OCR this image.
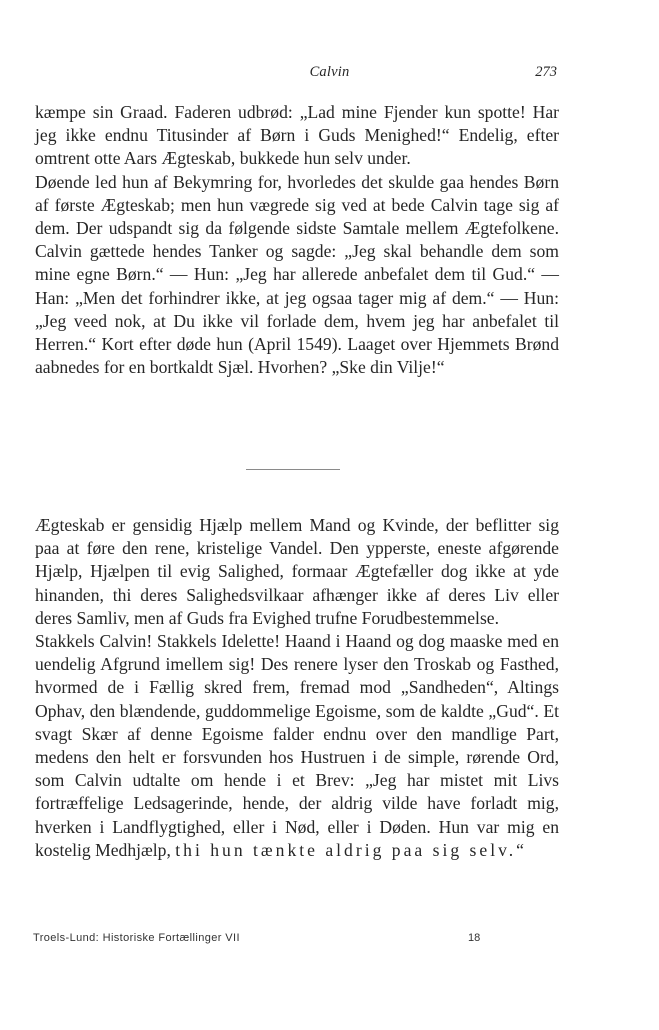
Calvin	273

kæmpe sin Graad. Faderen udbrød: „Lad mine Fjender kun spotte! Har jeg ikke endnu Titusinder af Børn i Guds Menighed!“ Endelig, efter omtrent otte Aars Ægteskab, bukkede hun selv under.

Døende led hun af Bekymring for, hvorledes det skulde gaa hendes Børn af første Ægteskab; men hun vægrede sig ved at bede Calvin tage sig af dem. Der udspandt sig da følgende sidste Samtale mellem Ægtefolkene. Calvin gættede hendes Tanker og sagde: „Jeg skal behandle dem som mine egne Børn.“ — Hun: „Jeg har allerede anbefalet dem til Gud.“ — Han: „Men det forhindrer ikke, at jeg ogsaa tager mig af dem.“ — Hun: „Jeg veed nok, at Du ikke vil forlade dem, hvem jeg har anbefalet til Herren.“ Kort efter døde hun (April 1549). Laaget over Hjemmets Brønd aabnedes for en bortkaldt Sjæl. Hvorhen? „Ske din Vilje!“

Ægteskab er gensidig Hjælp mellem Mand og Kvinde, der beflitter sig paa at føre den rene, kristelige Vandel. Den ypperste, eneste afgørende Hjælp, Hjælpen til evig Salighed, formaar Ægtefæller dog ikke at yde hinanden, thi deres Salighedsvilkaar afhænger ikke af deres Liv eller deres Samliv, men af Guds fra Evighed trufne Forudbestemmelse.

Stakkels Calvin! Stakkels Idelette! Haand i Haand og dog maaske med en uendelig Afgrund imellem sig! Des renere lyser den Troskab og Fasthed, hvormed de i Fællig skred frem, fremad mod „Sandheden“, Altings Ophav, den blændende, guddommelige Egoisme, som de kaldte „Gud“. Et svagt Skær af denne Egoisme falder endnu over den mandlige Part, medens den helt er forsvunden hos Hustruen i de simple, rørende Ord, som Calvin udtalte om hende i et Brev: „Jeg har mistet mit Livs fortræffelige Ledsagerinde, hende, der aldrig vilde have forladt mig, hverken i Landflygtighed, eller i Nød, eller i Døden. Hun var mig en kostelig Medhjælp, thi hun tænkte aldrig paa sig selv.“

Troels-Lund: Historiske Fortællinger VII	18
